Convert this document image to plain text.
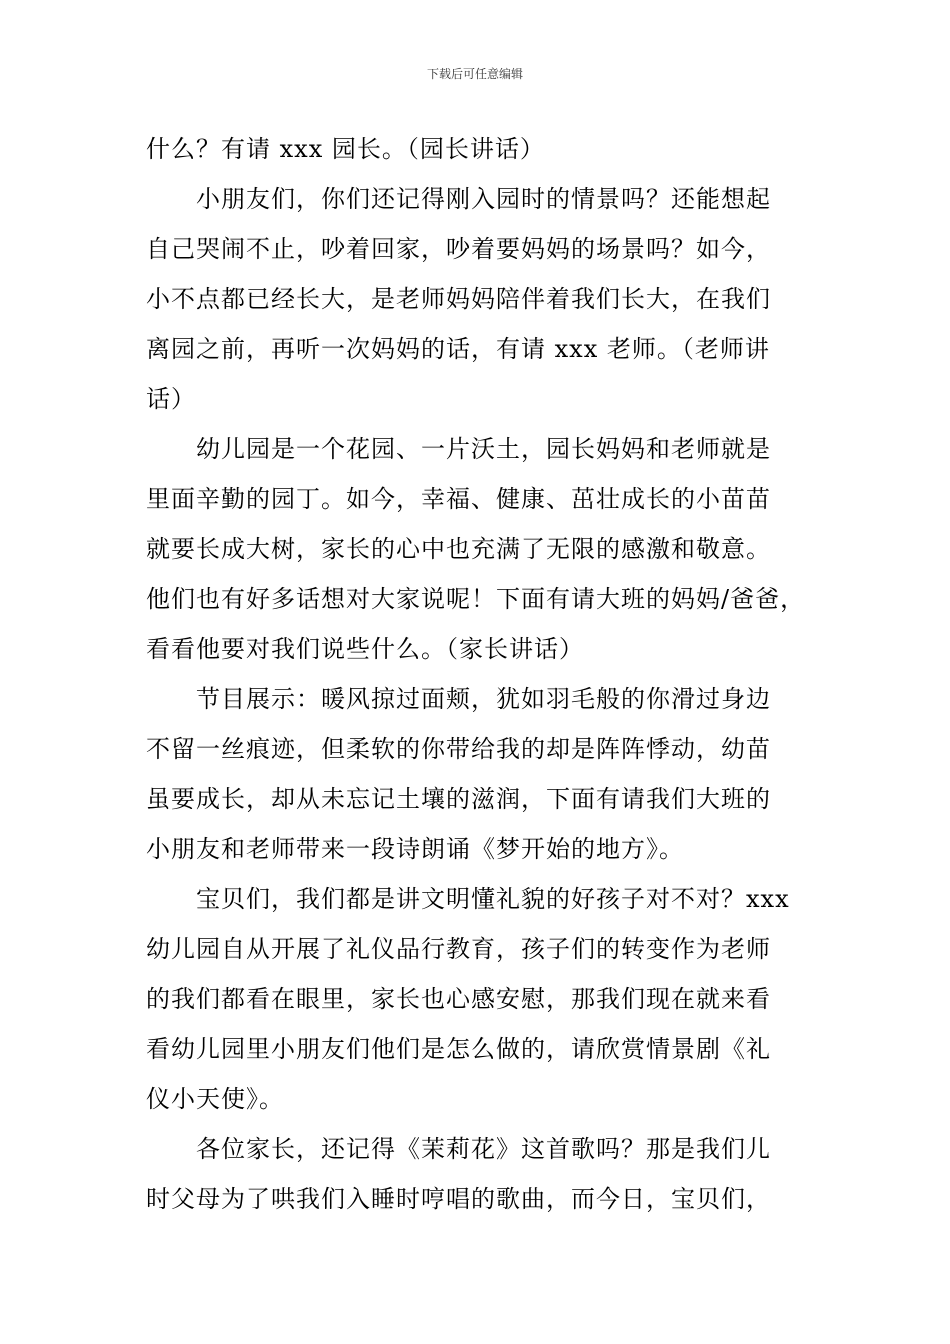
下载后可任意编辑
什么？有请 xxx 园长。（园长讲话）
小朋友们，你们还记得刚入园时的情景吗？还能想起
自己哭闹不止，吵着回家，吵着要妈妈的场景吗？如今，
小不点都已经长大，是老师妈妈陪伴着我们长大，在我们
离园之前，再听一次妈妈的话，有请 xxx 老师。（老师讲
话）
幼儿园是一个花园、一片沃土，园长妈妈和老师就是
里面辛勤的园丁。如今，幸福、健康、茁壮成长的小苗苗
就要长成大树，家长的心中也充满了无限的感激和敬意。
他们也有好多话想对大家说呢！下面有请大班的妈妈/爸爸，
看看他要对我们说些什么。（家长讲话）
节目展示：暖风掠过面颊，犹如羽毛般的你滑过身边
不留一丝痕迹，但柔软的你带给我的却是阵阵悸动，幼苗
虽要成长，却从未忘记土壤的滋润，下面有请我们大班的
小朋友和老师带来一段诗朗诵《梦开始的地方》。
宝贝们，我们都是讲文明懂礼貌的好孩子对不对？xxx
幼儿园自从开展了礼仪品行教育，孩子们的转变作为老师
的我们都看在眼里，家长也心感安慰，那我们现在就来看
看幼儿园里小朋友们他们是怎么做的，请欣赏情景剧《礼
仪小天使》。
各位家长，还记得《茉莉花》这首歌吗？那是我们儿
时父母为了哄我们入睡时哼唱的歌曲，而今日，宝贝们，
